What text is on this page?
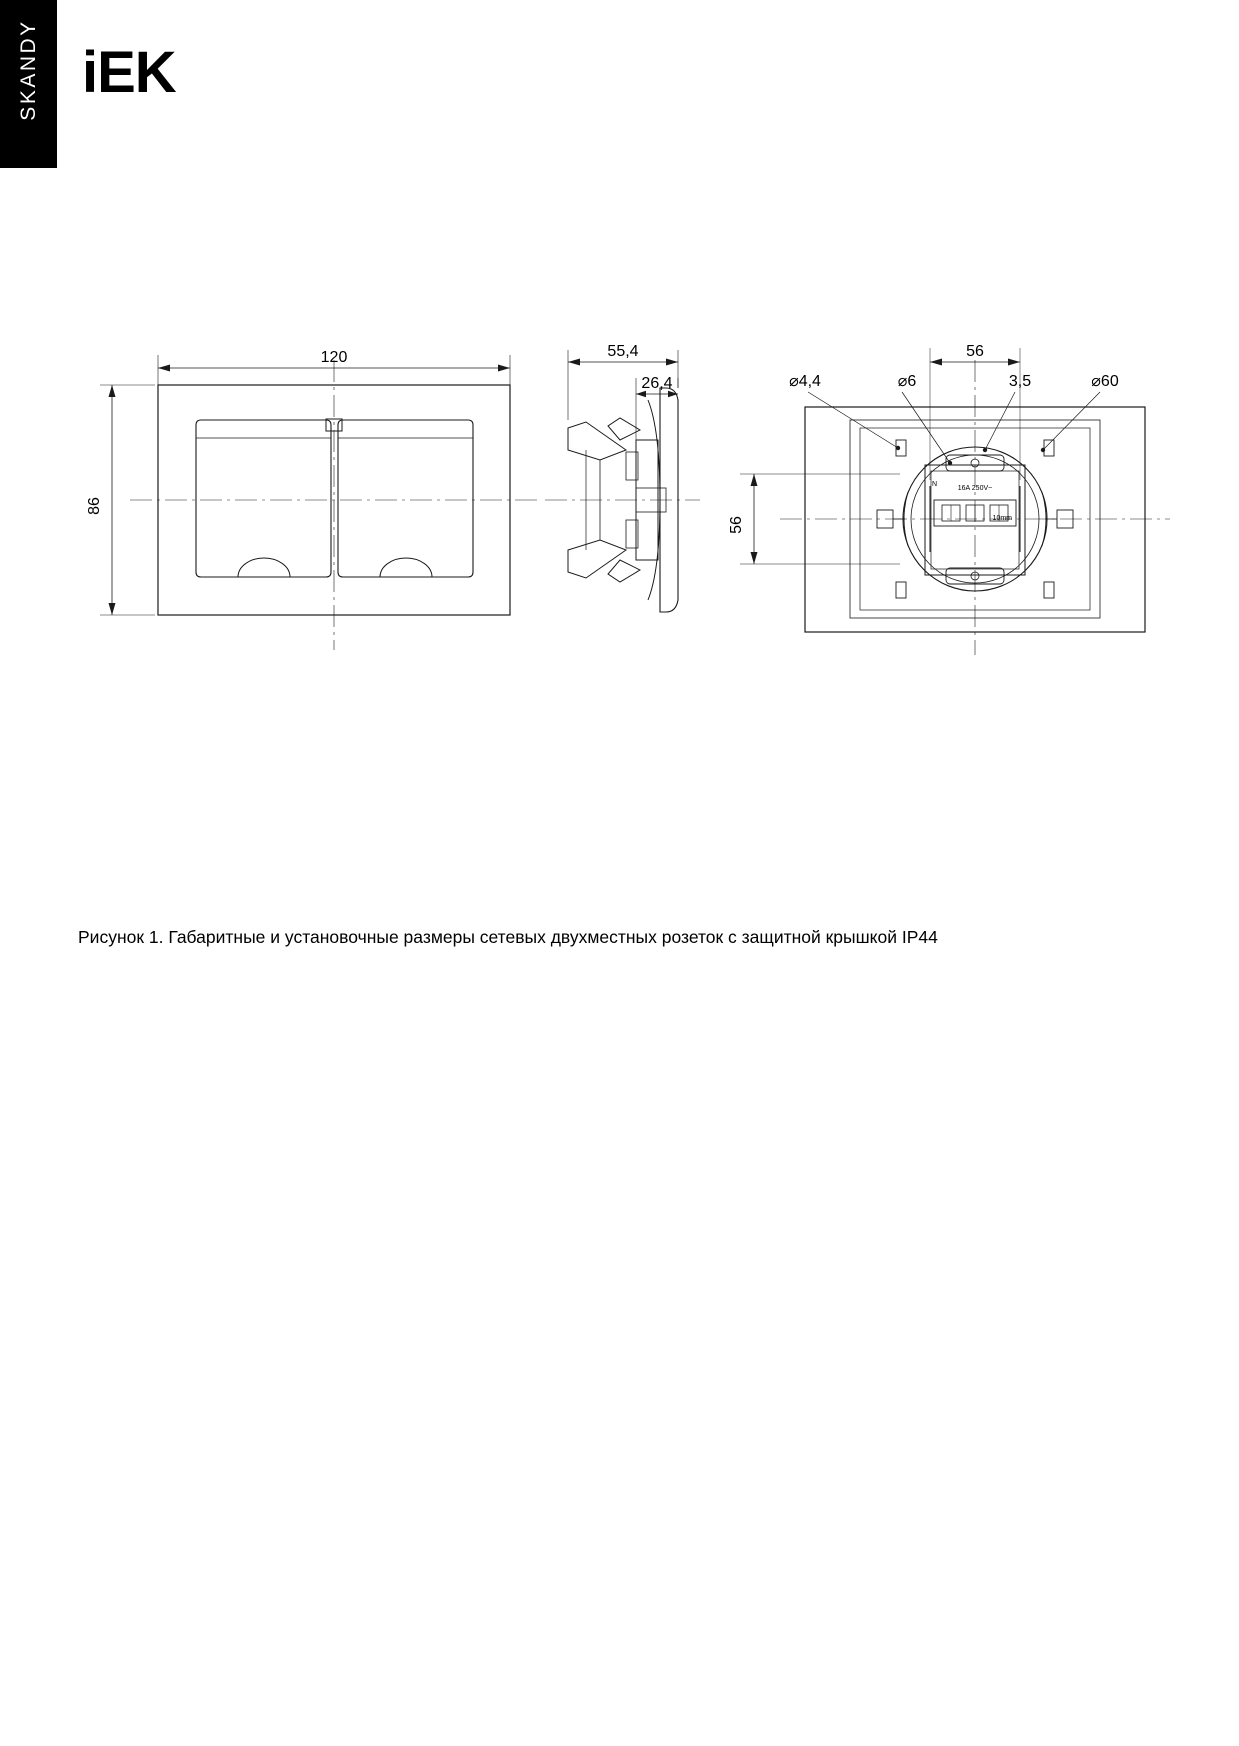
SKANDY iEK
120
86
55,4
26,4
56
56
⌀4,4	⌀6	3,5	⌀60
N
16A 250V~
10mm
Рисунок 1. Габаритные и установочные размеры сетевых двухместных розеток с защитной крышкой IP44
